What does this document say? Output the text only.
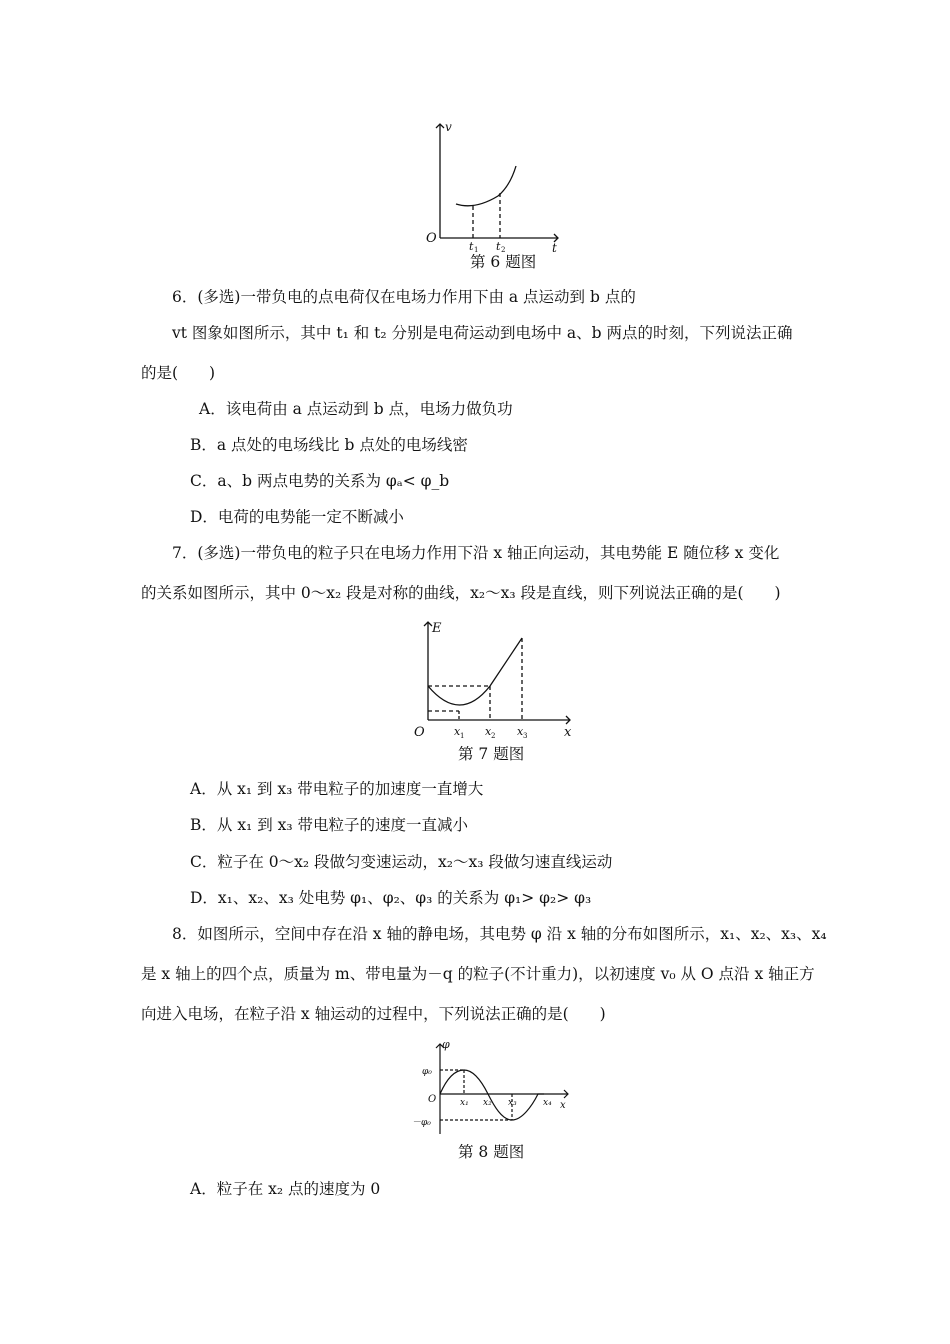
v
t
O
t 1 t 2
第 6 题图
6．(多选)一带负电的点电荷仅在电场力作用下由 a 点运动到 b 点的
vt 图象如图所示，其中 t₁ 和 t₂ 分别是电荷运动到电场中 a、b 两点的时刻，下列说法正确
的是(　　)
A．该电荷由 a 点运动到 b 点，电场力做负功
B．a 点处的电场线比 b 点处的电场线密
C．a、b 两点电势的关系为 φₐ< φ_b
D．电荷的电势能一定不断减小
7．(多选)一带负电的粒子只在电场力作用下沿 x 轴正向运动，其电势能 E 随位移 x 变化
的关系如图所示，其中 0～x₂ 段是对称的曲线，x₂～x₃ 段是直线，则下列说法正确的是(　　)
E
x
O	x 1 x 2 x 3
第 7 题图
A．从 x₁ 到 x₃ 带电粒子的加速度一直增大
B．从 x₁ 到 x₃ 带电粒子的速度一直减小
C．粒子在 0～x₂ 段做匀变速运动，x₂～x₃ 段做匀速直线运动
D．x₁、x₂、x₃ 处电势 φ₁、φ₂、φ₃ 的关系为 φ₁> φ₂> φ₃
8．如图所示，空间中存在沿 x 轴的静电场，其电势 φ 沿 x 轴的分布如图所示，x₁、x₂、x₃、x₄
是 x 轴上的四个点，质量为 m、带电量为－q 的粒子(不计重力)，以初速度 v₀ 从 O 点沿 x 轴正方
向进入电场，在粒子沿 x 轴运动的过程中，下列说法正确的是(　　)
φ
φ₀
－φ₀
O
x
x₁ x₂ x₃	x₄
第 8 题图
A．粒子在 x₂ 点的速度为 0
